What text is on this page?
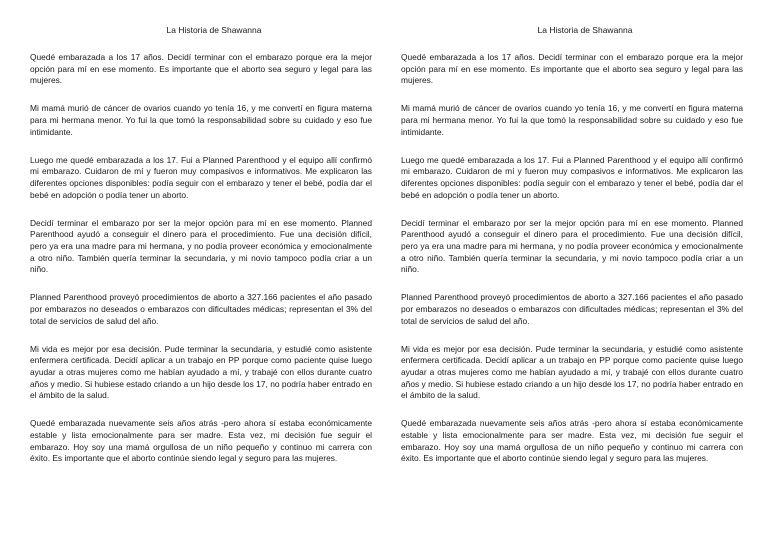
La Historia de Shawanna

Quedé embarazada a los 17 años. Decidí terminar con el embarazo porque era la mejor opción para mí en ese momento. Es importante que el aborto sea seguro y legal para las mujeres.

Mi mamá murió de cáncer de ovarios cuando yo tenía 16, y me convertí en figura materna para mi hermana menor. Yo fui la que tomó la responsabilidad sobre su cuidado y eso fue intimidante.

Luego me quedé embarazada a los 17. Fui a Planned Parenthood y el equipo allí confirmó mi embarazo. Cuidaron de mí y fueron muy compasivos e informativos. Me explicaron las diferentes opciones disponibles: podía seguir con el embarazo y tener el bebé, podía dar el bebé en adopción o podía tener un aborto.

Decidí terminar el embarazo por ser la mejor opción para mí en ese momento. Planned Parenthood ayudó a conseguir el dinero para el procedimiento. Fue una decisión difícil, pero ya era una madre para mi hermana, y no podía proveer económica y emocionalmente a otro niño. También quería terminar la secundaria, y mi novio tampoco podía criar a un niño.

Planned Parenthood proveyó procedimientos de aborto a 327.166 pacientes el año pasado por embarazos no deseados o embarazos con dificultades médicas; representan el 3% del total de servicios de salud del año.

Mi vida es mejor por esa decisión. Pude terminar la secundaria, y estudié como asistente enfermera certificada. Decidí aplicar a un trabajo en PP porque como paciente quise luego ayudar a otras mujeres como me habían ayudado a mí, y trabajé con ellos durante cuatro años y medio. Si hubiese estado criando a un hijo desde los 17, no podría haber entrado en el ámbito de la salud.

Quedé embarazada nuevamente seis años atrás -pero ahora sí estaba económicamente estable y lista emocionalmente para ser madre. Esta vez, mi decisión fue seguir el embarazo. Hoy soy una mamá orgullosa de un niño pequeño y continuo mi carrera con éxito. Es importante que el aborto continúe siendo legal y seguro para las mujeres.

La Historia de Shawanna

Quedé embarazada a los 17 años. Decidí terminar con el embarazo porque era la mejor opción para mí en ese momento. Es importante que el aborto sea seguro y legal para las mujeres.

Mi mamá murió de cáncer de ovarios cuando yo tenía 16, y me convertí en figura materna para mi hermana menor. Yo fui la que tomó la responsabilidad sobre su cuidado y eso fue intimidante.

Luego me quedé embarazada a los 17. Fui a Planned Parenthood y el equipo allí confirmó mi embarazo. Cuidaron de mí y fueron muy compasivos e informativos. Me explicaron las diferentes opciones disponibles: podía seguir con el embarazo y tener el bebé, podía dar el bebé en adopción o podía tener un aborto.

Decidí terminar el embarazo por ser la mejor opción para mí en ese momento. Planned Parenthood ayudó a conseguir el dinero para el procedimiento. Fue una decisión difícil, pero ya era una madre para mi hermana, y no podía proveer económica y emocionalmente a otro niño. También quería terminar la secundaria, y mi novio tampoco podía criar a un niño.

Planned Parenthood proveyó procedimientos de aborto a 327.166 pacientes el año pasado por embarazos no deseados o embarazos con dificultades médicas; representan el 3% del total de servicios de salud del año.

Mi vida es mejor por esa decisión. Pude terminar la secundaria, y estudié como asistente enfermera certificada. Decidí aplicar a un trabajo en PP porque como paciente quise luego ayudar a otras mujeres como me habían ayudado a mí, y trabajé con ellos durante cuatro años y medio. Si hubiese estado criando a un hijo desde los 17, no podría haber entrado en el ámbito de la salud.

Quedé embarazada nuevamente seis años atrás -pero ahora sí estaba económicamente estable y lista emocionalmente para ser madre. Esta vez, mi decisión fue seguir el embarazo. Hoy soy una mamá orgullosa de un niño pequeño y continuo mi carrera con éxito. Es importante que el aborto continúe siendo legal y seguro para las mujeres.
